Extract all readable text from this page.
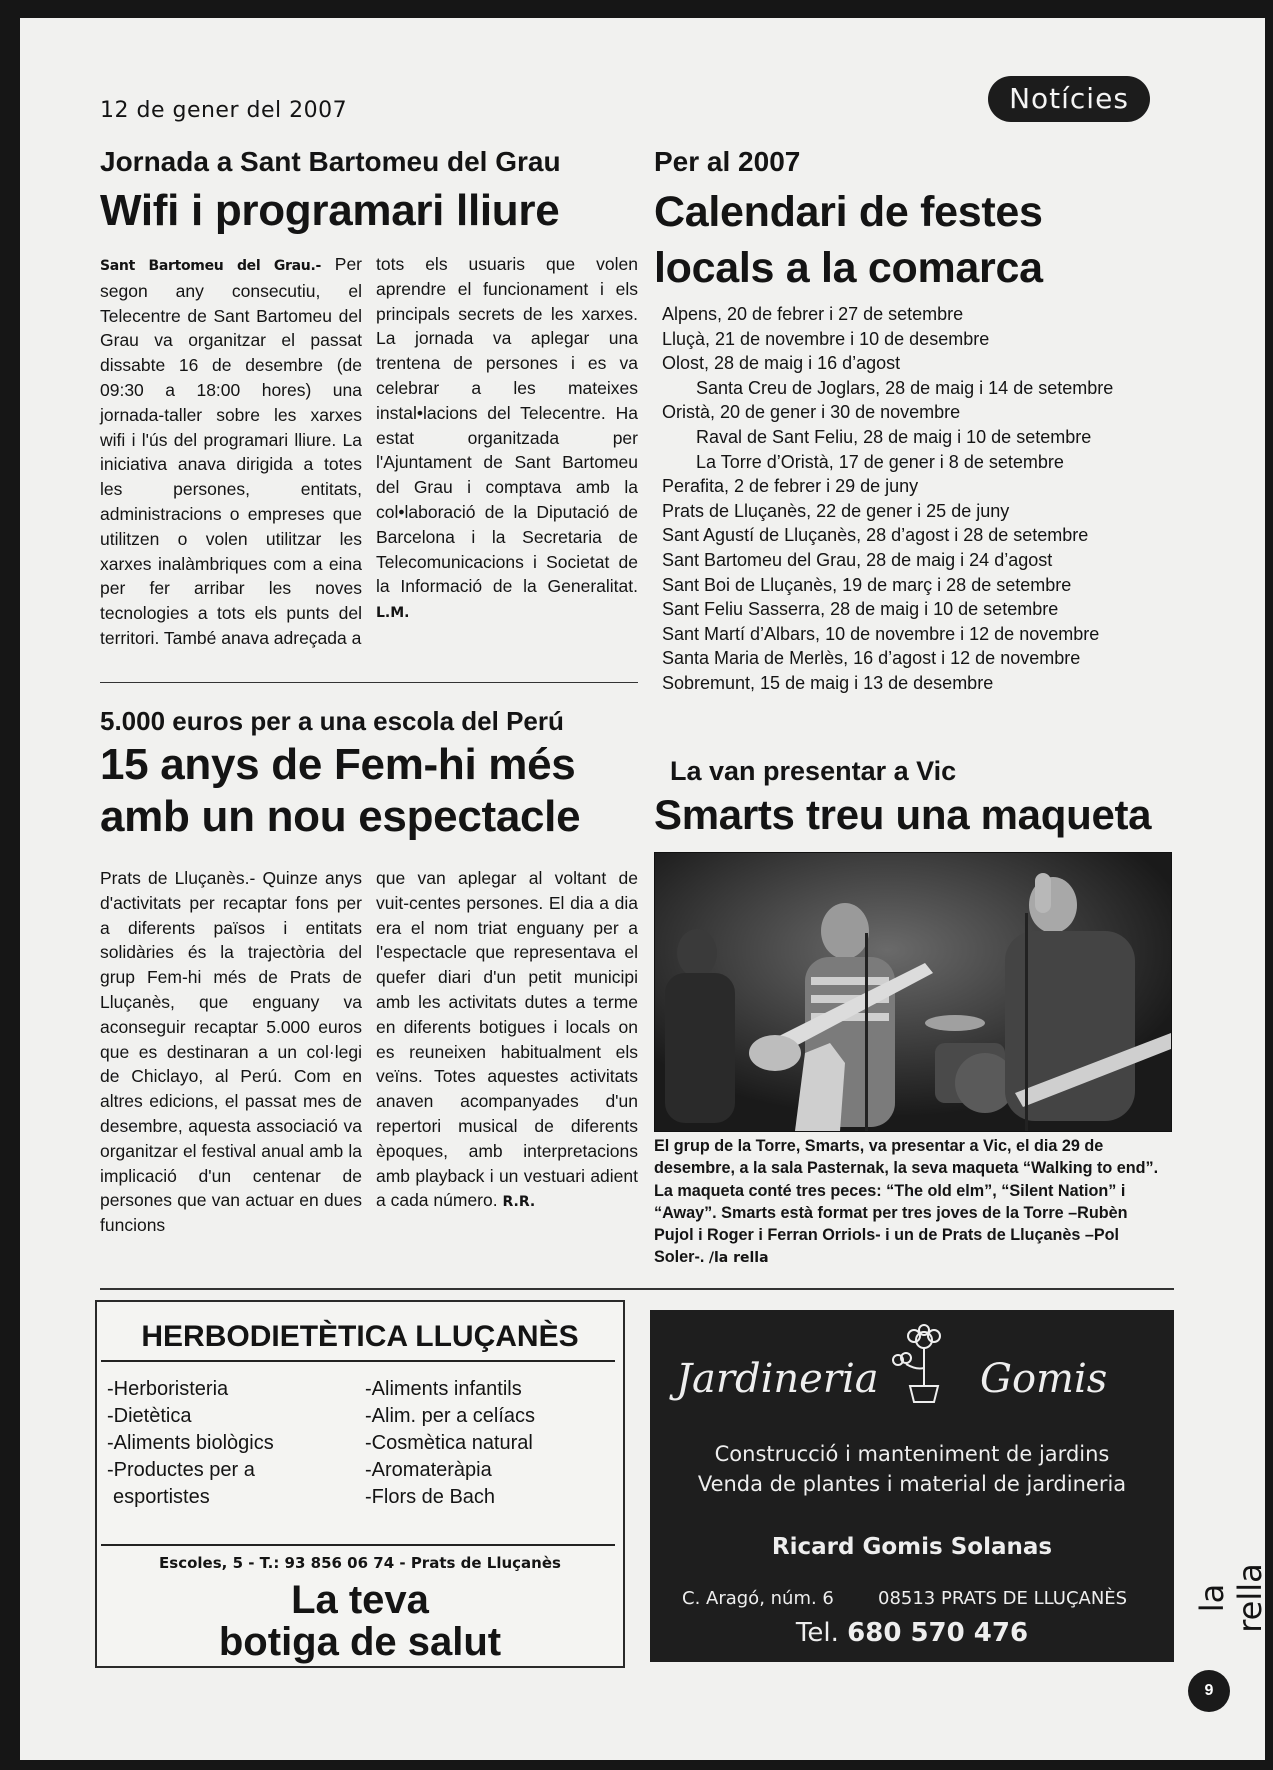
12 de gener del 2007	Notícies
Jornada a Sant Bartomeu del Grau
Wifi i programari lliure
Sant Bartomeu del Grau.- Per segon any consecutiu, el Telecentre de Sant Bartomeu del Grau va organitzar el passat dissabte 16 de desembre (de 09:30 a 18:00 hores) una jornada-taller sobre les xarxes wifi i l'ús del programari lliure. La iniciativa anava dirigida a totes les persones, entitats, administracions o empreses que utilitzen o volen utilitzar les xarxes inalàmbriques com a eina per fer arribar les noves tecnologies a tots els punts del territori. També anava adreçada a
tots els usuaris que volen aprendre el funcionament i els principals secrets de les xarxes. La jornada va aplegar una trentena de persones i es va celebrar a les mateixes instal•lacions del Telecentre. Ha estat organitzada per l'Ajuntament de Sant Bartomeu del Grau i comptava amb la col•laboració de la Diputació de Barcelona i la Secretaria de Telecomunicacions i Societat de la Informació de la Generalitat. L.M.
Per al 2007
Calendari de festes locals a la comarca
Alpens, 20 de febrer i 27 de setembre
Lluçà, 21 de novembre i 10 de desembre
Olost, 28 de maig i 16 d’agost
Santa Creu de Joglars, 28 de maig i 14 de setembre
Oristà, 20 de gener i 30 de novembre
Raval de Sant Feliu, 28 de maig i 10 de setembre
La Torre d’Oristà, 17 de gener i 8 de setembre
Perafita, 2 de febrer i 29 de juny
Prats de Lluçanès, 22 de gener i 25 de juny
Sant Agustí de Lluçanès, 28 d’agost i 28 de setembre
Sant Bartomeu del Grau, 28 de maig i 24 d’agost
Sant Boi de Lluçanès, 19 de març i 28 de setembre
Sant Feliu Sasserra, 28 de maig i 10 de setembre
Sant Martí d’Albars, 10 de novembre i 12 de novembre
Santa Maria de Merlès, 16 d’agost i 12 de novembre
Sobremunt, 15 de maig i 13 de desembre
5.000 euros per a una escola del Perú
15 anys de Fem-hi més
amb un nou espectacle
Prats de Lluçanès.- Quinze anys d'activitats per recaptar fons per a diferents països i entitats solidàries és la trajectòria del grup Fem-hi més de Prats de Lluçanès, que enguany va aconseguir recaptar 5.000 euros que es destinaran a un col·legi de Chiclayo, al Perú. Com en altres edicions, el passat mes de desembre, aquesta associació va organitzar el festival anual amb la implicació d'un centenar de persones que van actuar en dues funcions
que van aplegar al voltant de vuit-centes persones. El dia a dia era el nom triat enguany per a l'espectacle que representava el quefer diari d'un petit municipi amb les activitats dutes a terme en diferents botigues i locals on es reuneixen habitualment els veïns. Totes aquestes activitats anaven acompanyades d'un repertori musical de diferents èpoques, amb interpretacions amb playback i un vestuari adient a cada número. R.R.
La van presentar a Vic
Smarts treu una maqueta
El grup de la Torre, Smarts, va presentar a Vic, el dia 29 de desembre, a la sala Pasternak, la seva maqueta “Walking to end”. La maqueta conté tres peces: “The old elm”, “Silent Nation” i “Away”. Smarts està format per tres joves de la Torre –Rubèn Pujol i Roger i Ferran Orriols- i un de Prats de Lluçanès –Pol Soler-. /la rella
HERBODIETÈTICA LLUÇANÈS
-Herboristeria
-Dietètica
-Aliments biològics
-Productes per a
esportistes
-Aliments infantils
-Alim. per a celíacs
-Cosmètica natural
-Aromateràpia
-Flors de Bach
Escoles, 5 - T.: 93 856 06 74 - Prats de Lluçanès
La teva
botiga de salut
Jardineria	Gomis
Construcció i manteniment de jardins
Venda de plantes i material de jardineria
Ricard Gomis Solanas
C. Aragó, núm. 6 08513 PRATS DE LLUÇANÈS
Tel. 680 570 476
la rella
9
